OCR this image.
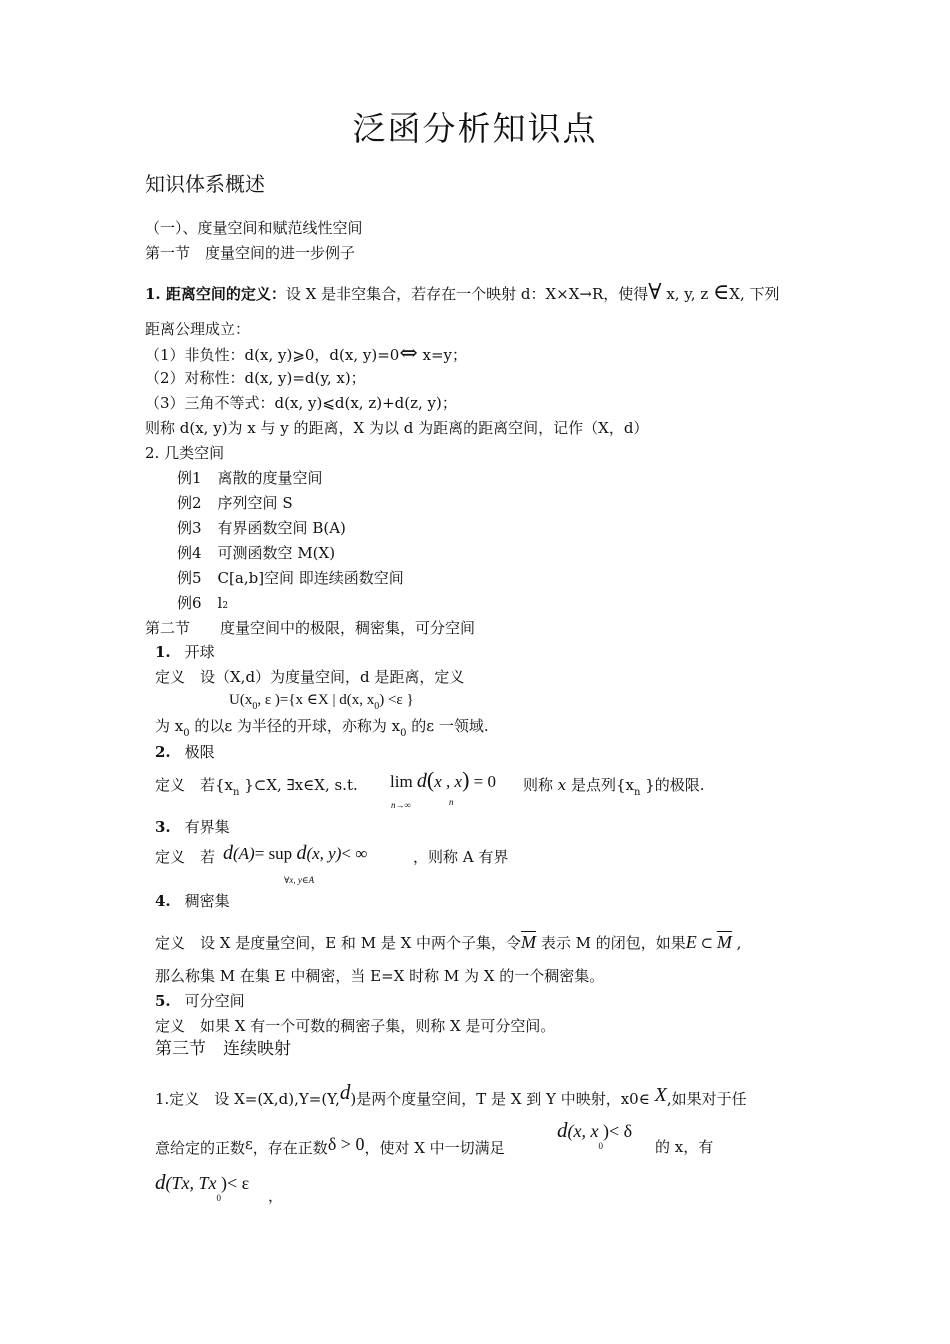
泛函分析知识点
知识体系概述
（一）、度量空间和赋范线性空间
第一节　度量空间的进一步例子
1. 距离空间的定义：设 X 是非空集合，若存在一个映射 d：X×X→R，使得∀ x, y, z ∈X, 下列
距离公理成立：
（1）非负性：d(x, y)⩾0，d(x, y)=0⇔ x=y；
（2）对称性：d(x, y)=d(y, x)；
（3）三角不等式：d(x, y)⩽d(x, z)+d(z, y)；
则称 d(x, y)为 x 与 y 的距离，X 为以 d 为距离的距离空间，记作（X，d）
2. 几类空间
例1 离散的度量空间
例2 序列空间 S
例3 有界函数空间 B(A)
例4 可测函数空 M(X)
例5 C[a,b]空间 即连续函数空间
例6 l2
第二节　　度量空间中的极限，稠密集，可分空间
1. 开球
定义　设（X,d）为度量空间，d 是距离，定义
$U(x_0$, ε )={x ∈X | d(x, $x_0) <\varepsilon$ }
为 $x_0$ 的以ε 为半径的开球，亦称为 $x_0$ 的ε 一领域.
2. 极限
定义　若{$x_n$ }⊂X, ∃x∈X, s.t. lim d(x , x) = 0
n→∞	n
则称 x 是点列{$x_n$ }的极限.
3. 有界集
定义　若 d(A)= sup d(x, y)< ∞
∀x, y∈A
，则称 A 有界
4. 稠密集
定义　设 X 是度量空间，E 和 M 是 X 中两个子集，令$\overline{M}$ 表示 M 的闭包，如果E ⊂ $\overline{M}$ ,
那么称集 M 在集 E 中稠密，当 E=X 时称 M 为 X 的一个稠密集。
5. 可分空间
定义　如果 X 有一个可数的稠密子集，则称 X 是可分空间。
第三节　连续映射
1.定义　设 X=(X,d),Y=(Y,d)是两个度量空间，T 是 X 到 Y 中映射，x0∈ X,如果对于任
意给定的正数ε，存在正数δ > 0，使对 X 中一切满足
d(x, $x_0)< \delta$
的 x，有
d(Tx, $Tx_0)< \varepsilon$
，
